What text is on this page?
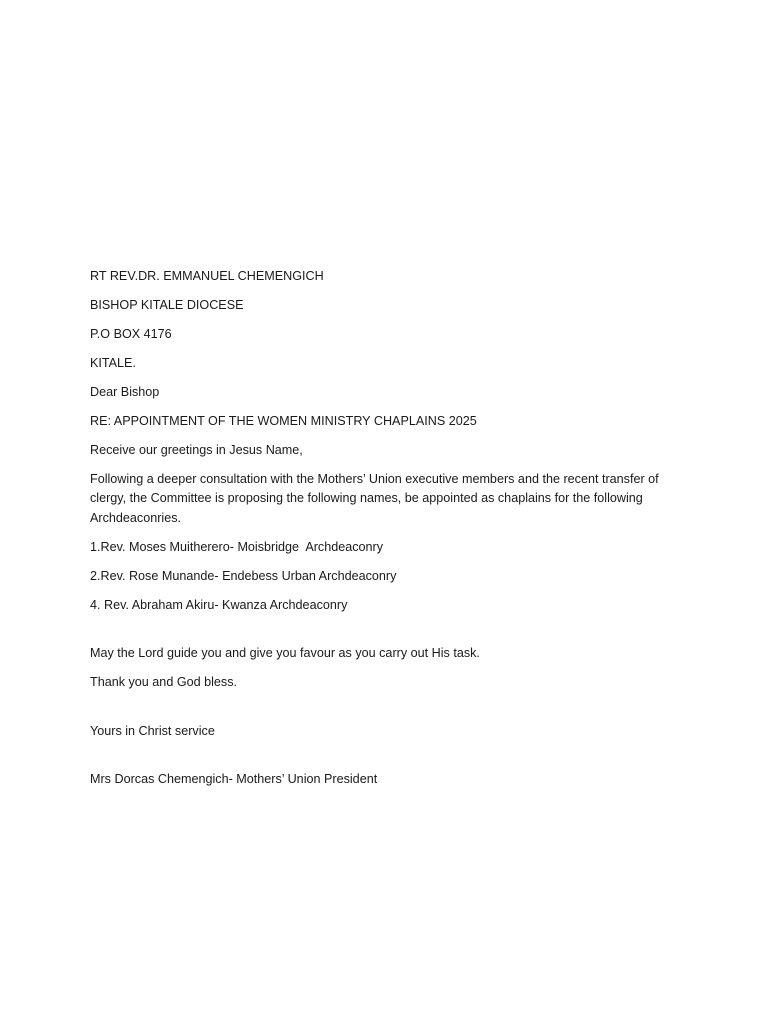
RT REV.DR. EMMANUEL CHEMENGICH
BISHOP KITALE DIOCESE
P.O BOX 4176
KITALE.
Dear Bishop
RE: APPOINTMENT OF THE WOMEN MINISTRY CHAPLAINS 2025
Receive our greetings in Jesus Name,
Following a deeper consultation with the Mothers’ Union executive members and the recent transfer of clergy, the Committee is proposing the following names, be appointed as chaplains for the following Archdeaconries.
1.Rev. Moses Muitherero- Moisbridge  Archdeaconry
2.Rev. Rose Munande- Endebess Urban Archdeaconry
4. Rev. Abraham Akiru- Kwanza Archdeaconry
May the Lord guide you and give you favour as you carry out His task.
Thank you and God bless.
Yours in Christ service
Mrs Dorcas Chemengich- Mothers’ Union President
